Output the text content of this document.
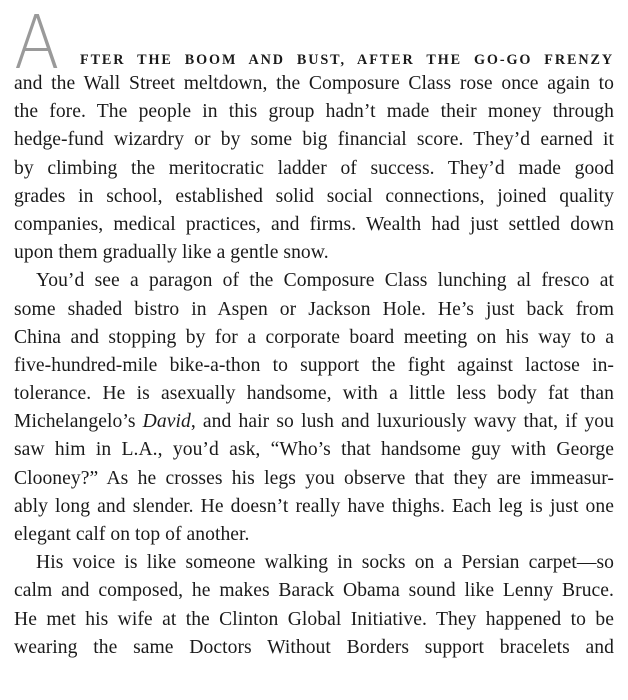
A FTER THE BOOM AND BUST, AFTER THE GO-GO FRENZY
and the Wall Street meltdown, the Composure Class rose once again to
the fore. The people in this group hadn’t made their money through
hedge-fund wizardry or by some big financial score. They’d earned it
by climbing the meritocratic ladder of success. They’d made good
grades in school, established solid social connections, joined quality
companies, medical practices, and firms. Wealth had just settled down
upon them gradually like a gentle snow.
You’d see a paragon of the Composure Class lunching al fresco at
some shaded bistro in Aspen or Jackson Hole. He’s just back from
China and stopping by for a corporate board meeting on his way to a
five-hundred-mile bike-a-thon to support the fight against lactose in-
tolerance. He is asexually handsome, with a little less body fat than
Michelangelo’s David, and hair so lush and luxuriously wavy that, if you
saw him in L.A., you’d ask, “Who’s that handsome guy with George
Clooney?” As he crosses his legs you observe that they are immeasur-
ably long and slender. He doesn’t really have thighs. Each leg is just one
elegant calf on top of another.
His voice is like someone walking in socks on a Persian carpet—so
calm and composed, he makes Barack Obama sound like Lenny Bruce.
He met his wife at the Clinton Global Initiative. They happened to be
wearing the same Doctors Without Borders support bracelets and
